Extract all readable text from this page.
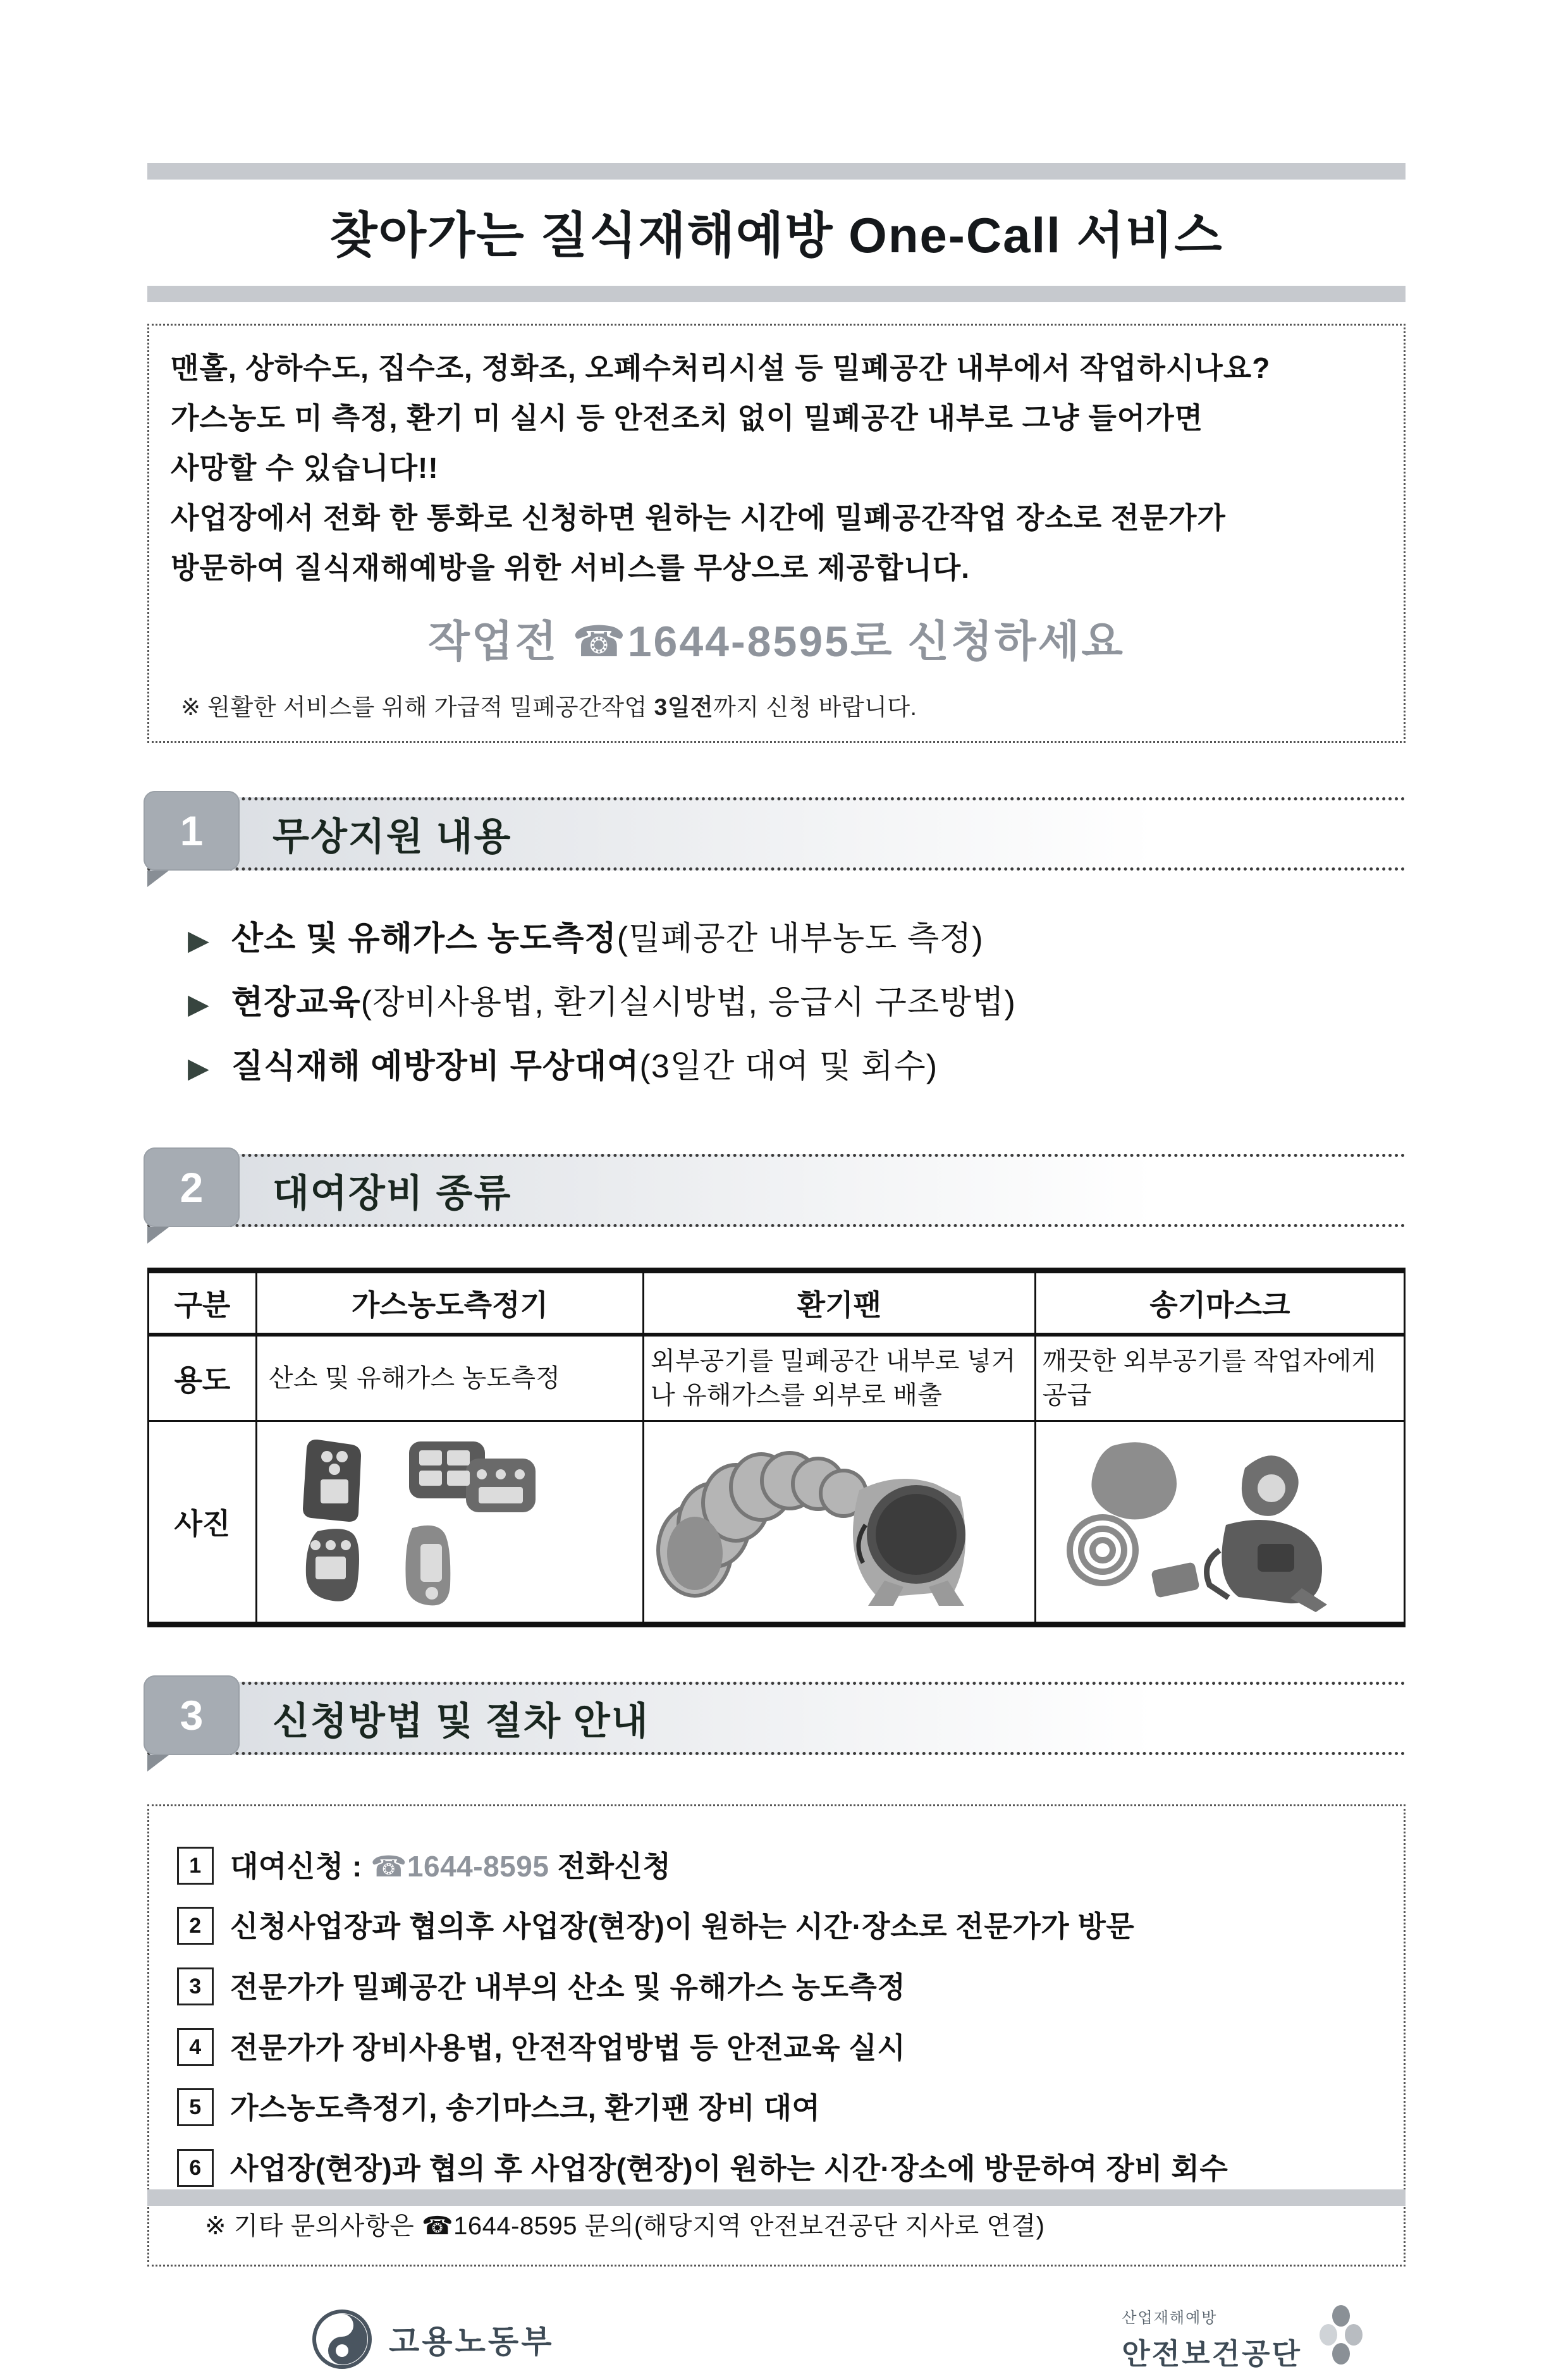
찾아가는 질식재해예방 One-Call 서비스
맨홀, 상하수도, 집수조, 정화조, 오폐수처리시설 등 밀폐공간 내부에서 작업하시나요?
가스농도 미 측정, 환기 미 실시 등 안전조치 없이 밀폐공간 내부로 그냥 들어가면
사망할 수 있습니다!!
사업장에서 전화 한 통화로 신청하면 원하는 시간에 밀폐공간작업 장소로 전문가가
방문하여 질식재해예방을 위한 서비스를 무상으로 제공합니다.
작업전 ☎1644-8595로 신청하세요
※ 원활한 서비스를 위해 가급적 밀폐공간작업 3일전까지 신청 바랍니다.
1	무상지원 내용
▶ 산소 및 유해가스 농도측정(밀폐공간 내부농도 측정)
▶ 현장교육(장비사용법, 환기실시방법, 응급시 구조방법)
▶ 질식재해 예방장비 무상대여(3일간 대여 및 회수)
2	대여장비 종류
구분	가스농도측정기	환기팬	송기마스크
용도	산소 및 유해가스 농도측정	외부공기를 밀폐공간 내부로 넣거나 유해가스를 외부로 배출	깨끗한 외부공기를 작업자에게 공급
사진	

3	신청방법 및 절차 안내
1 대여신청 : ☎1644-8595 전화신청
2 신청사업장과 협의후 사업장(현장)이 원하는 시간·장소로 전문가가 방문
3 전문가가 밀폐공간 내부의 산소 및 유해가스 농도측정
4 전문가가 장비사용법, 안전작업방법 등 안전교육 실시
5 가스농도측정기, 송기마스크, 환기팬 장비 대여
6 사업장(현장)과 협의 후 사업장(현장)이 원하는 시간·장소에 방문하여 장비 회수
※ 기타 문의사항은 ☎1644-8595 문의(해당지역 안전보건공단 지사로 연결)
고용노동부
산업재해예방
안전보건공단
